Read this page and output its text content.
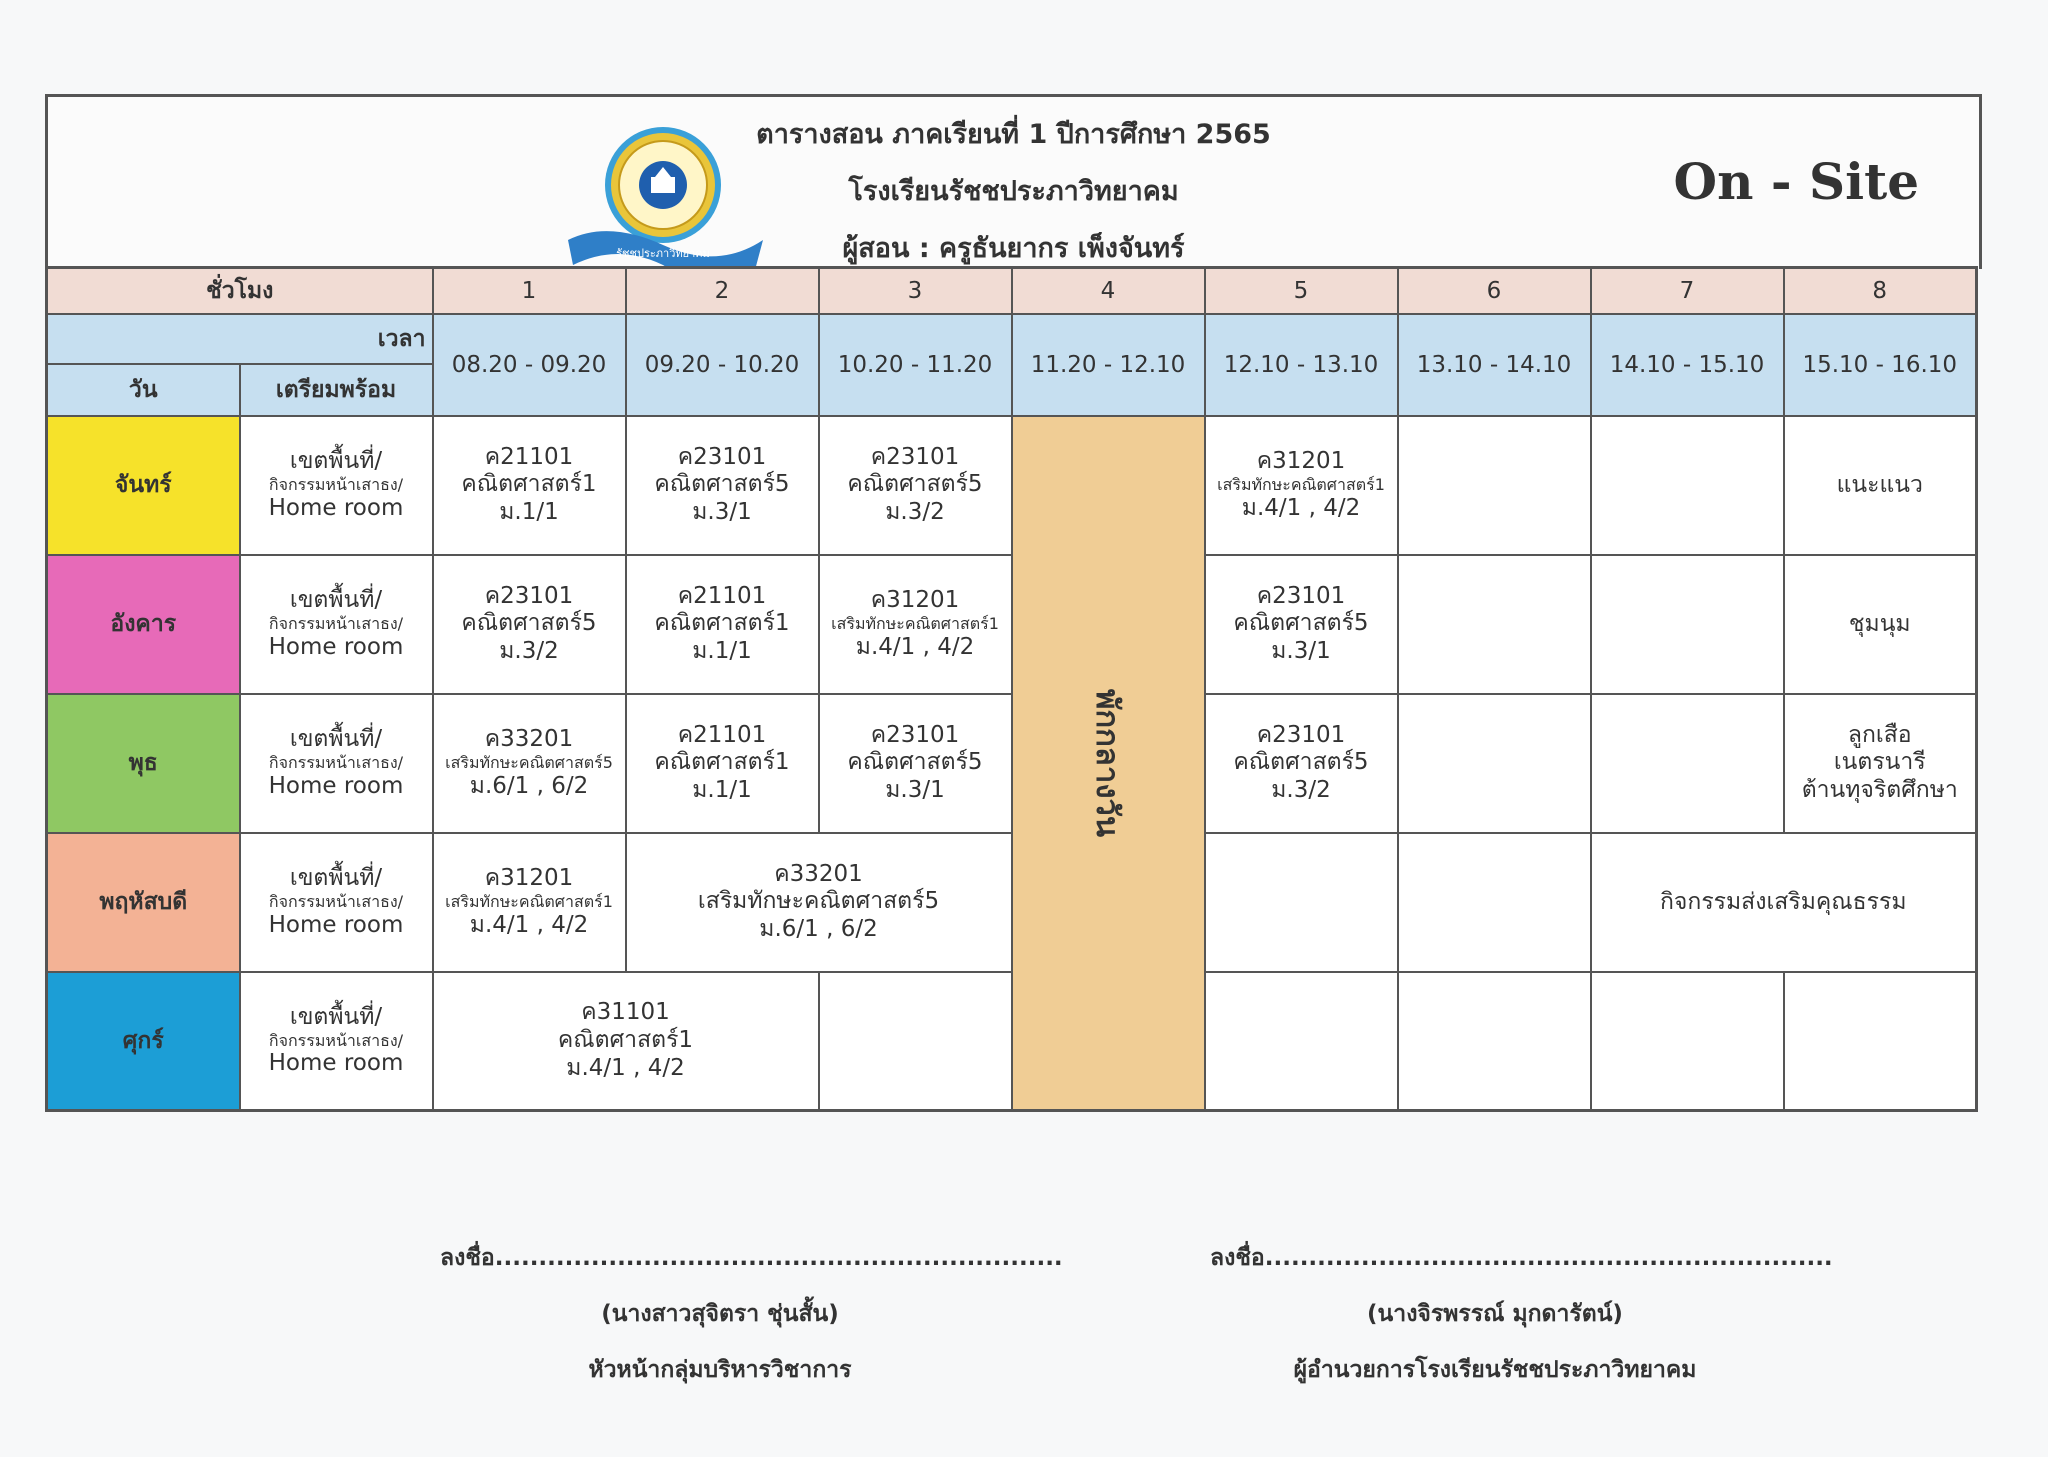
ตารางสอน ภาคเรียนที่ 1 ปีการศึกษา 2565
โรงเรียนรัชชประภาวิทยาคม
ผู้สอน : ครูธันยากร เพ็งจันทร์
รัชชประภาวิทยาคม
On - Site
ชั่วโมง		1	2	3	4	5	6	7	8
เวลา		08.20 - 09.20	09.20 - 10.20	10.20 - 11.20	11.20 - 12.10	12.10 - 13.10	13.10 - 14.10	14.10 - 15.10	15.10 - 16.10
วัน	เตรียมพร้อม								
จันทร์	เขตพื้นที่/
กิจกรรมหน้าเสาธง/
Home room	ค21101
คณิตศาสตร์1
ม.1/1	ค23101
คณิตศาสตร์5
ม.3/1	ค23101
คณิตศาสตร์5
ม.3/2	พักกลางวัน	ค31201
เสริมทักษะคณิตศาสตร์1
ม.4/1 , 4/2			แนะแนว
อังคาร	เขตพื้นที่/
กิจกรรมหน้าเสาธง/
Home room	ค23101
คณิตศาสตร์5
ม.3/2	ค21101
คณิตศาสตร์1
ม.1/1	ค31201
เสริมทักษะคณิตศาสตร์1
ม.4/1 , 4/2		ค23101
คณิตศาสตร์5
ม.3/1			ชุมนุม
พุธ	เขตพื้นที่/
กิจกรรมหน้าเสาธง/
Home room	ค33201
เสริมทักษะคณิตศาสตร์5
ม.6/1 , 6/2	ค21101
คณิตศาสตร์1
ม.1/1	ค23101
คณิตศาสตร์5
ม.3/1		ค23101
คณิตศาสตร์5
ม.3/2			ลูกเสือ
เนตรนารี
ต้านทุจริตศึกษา

พฤหัสบดี	เขตพื้นที่/
กิจกรรมหน้าเสาธง/
Home room	ค31201
เสริมทักษะคณิตศาสตร์1
ม.4/1 , 4/2	ค33201
เสริมทักษะคณิตศาสตร์5
ม.6/1 , 6/2					กิจกรรมส่งเสริมคุณธรรม	
ศุกร์	เขตพื้นที่/
กิจกรรมหน้าเสาธง/
Home room	ค31101
คณิตศาสตร์1
ม.4/1 , 4/2							

ลงชื่อ.................................................................
(นางสาวสุจิตรา ชุ่นสั้น)
หัวหน้ากลุ่มบริหารวิชาการ
ลงชื่อ.................................................................
(นางจิรพรรณ์ มุกดารัตน์)
ผู้อำนวยการโรงเรียนรัชชประภาวิทยาคม
